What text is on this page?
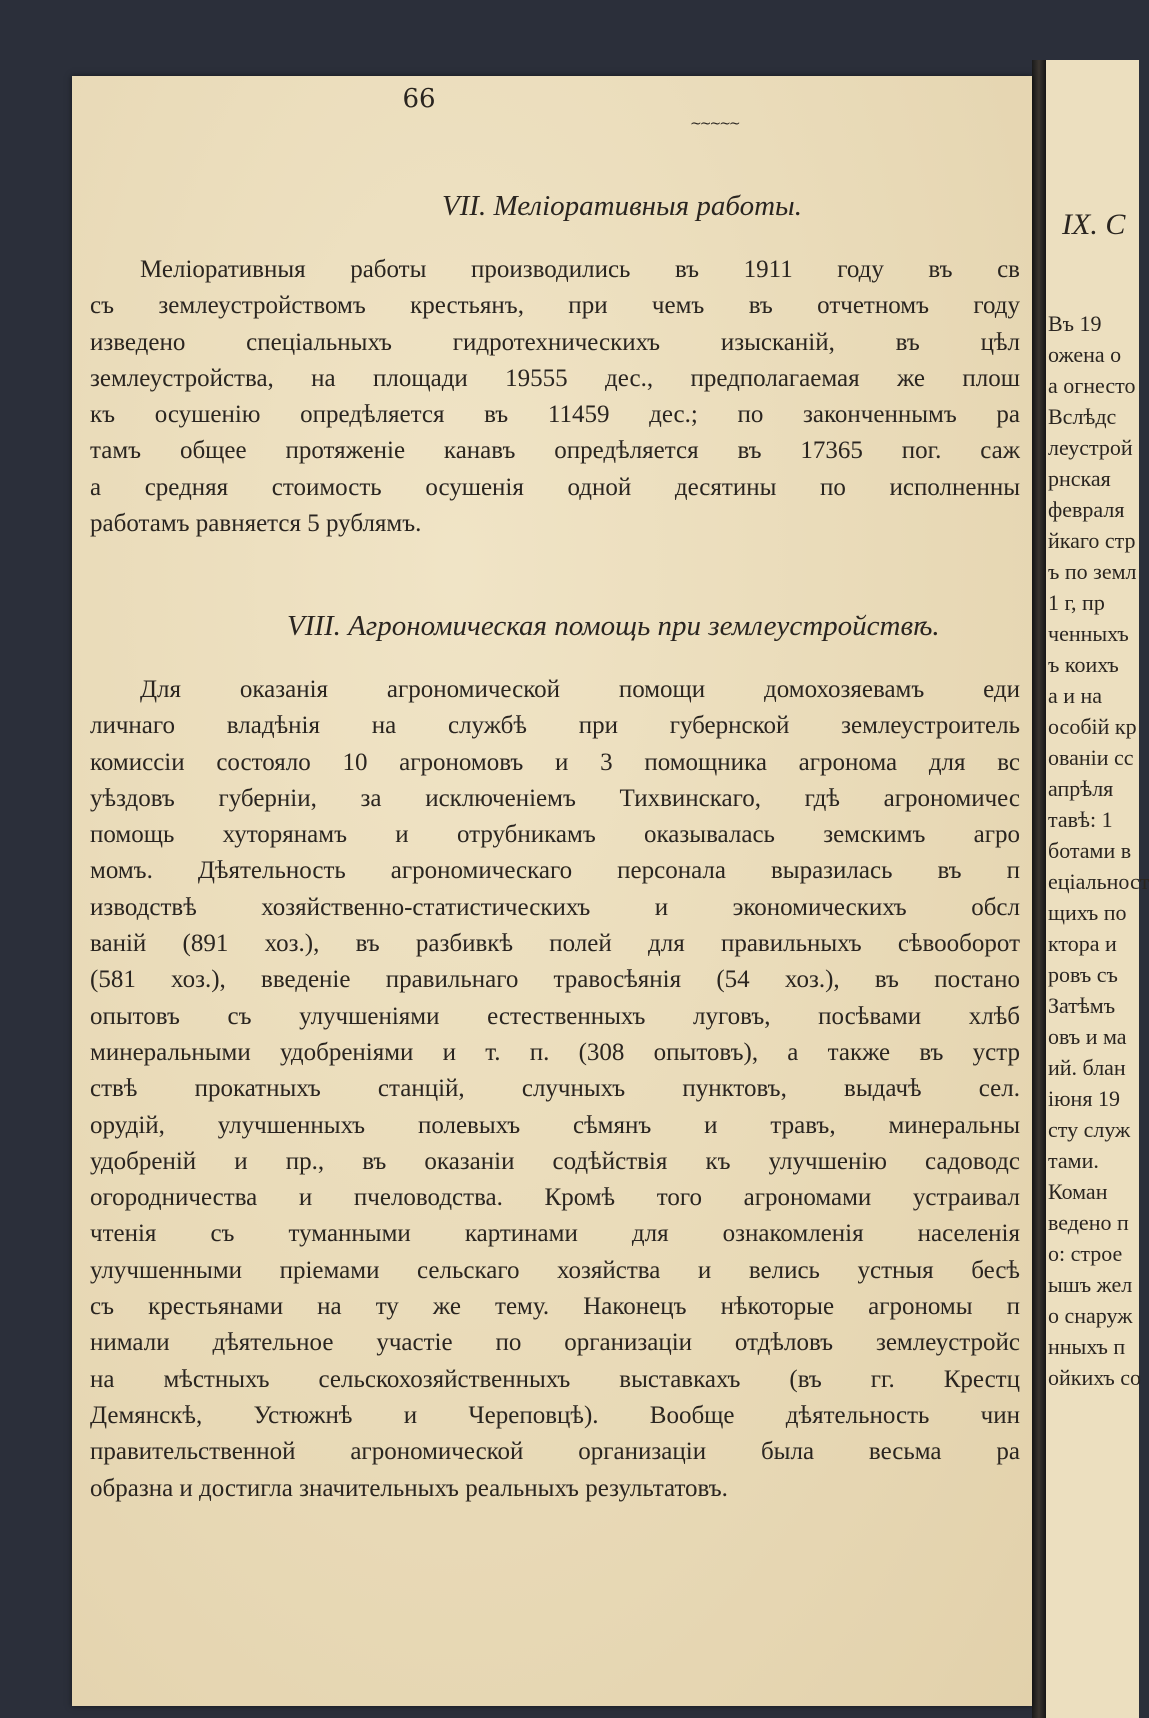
66
~~~~~
VII. Меліоративныя работы.
Меліоративныя работы производились въ 1911 году въ св
съ землеустройствомъ крестьянъ, при чемъ въ отчетномъ году
изведено спеціальныхъ гидротехническихъ изысканій, въ цѣл
землеустройства, на площади 19555 дес., предполагаемая же плош
къ осушенію опредѣляется въ 11459 дес.; по законченнымъ ра
тамъ общее протяженіе канавъ опредѣляется въ 17365 пог. саж
а средняя стоимость осушенія одной десятины по исполненны
работамъ равняется 5 рублямъ.
VIII. Агрономическая помощь при землеустройствѣ.
Для оказанія агрономической помощи домохозяевамъ еди
личнаго владѣнія на службѣ при губернской землеустроитель
комиссіи состояло 10 агрономовъ и 3 помощника агронома для вс
уѣздовъ губерніи, за исключеніемъ Тихвинскаго, гдѣ агрономичес
помощь хуторянамъ и отрубникамъ оказывалась земскимъ агро
момъ. Дѣятельность агрономическаго персонала выразилась въ п
изводствѣ хозяйственно-статистическихъ и экономическихъ обсл
ваній (891 хоз.), въ разбивкѣ полей для правильныхъ сѣвооборот
(581 хоз.), введеніе правильнаго травосѣянія (54 хоз.), въ постано
опытовъ съ улучшеніями естественныхъ луговъ, посѣвами хлѣб
минеральными удобреніями и т. п. (308 опытовъ), а также въ устр
ствѣ прокатныхъ станцій, случныхъ пунктовъ, выдачѣ сел.
орудій, улучшенныхъ полевыхъ сѣмянъ и травъ, минеральны
удобреній и пр., въ оказаніи содѣйствія къ улучшенію садоводс
огородничества и пчеловодства. Кромѣ того агрономами устраивал
чтенія съ туманными картинами для ознакомленія населенія
улучшенными пріемами сельскаго хозяйства и велись устныя бесѣ
съ крестьянами на ту же тему. Наконецъ нѣкоторые агрономы п
нимали дѣятельное участіе по организаціи отдѣловъ землеустройс
на мѣстныхъ сельскохозяйственныхъ выставкахъ (въ гг. Крестц
Демянскѣ, Устюжнѣ и Череповцѣ). Вообще дѣятельность чин
правительственной агрономической организаціи была весьма ра
образна и достигла значительныхъ реальныхъ результатовъ.
IX. C
Въ 19
ожена о
а огнесто
Вслѣдс
леустрой
рнская
февраля
йкаго стр
ъ по земл
1 г, пр
ченныхъ
ъ коихъ
а и на
особій кр
ованіи сс
апрѣля
тавѣ: 1
ботами в
еціальност
щихъ по
ктора и
ровъ съ
Затѣмъ
овъ и ма
ий. блан
іюня 19
сту служ
тами.
Коман
ведено п
о: строе
ышъ жел
о снаруж
нныхъ п
ойкихъ со
